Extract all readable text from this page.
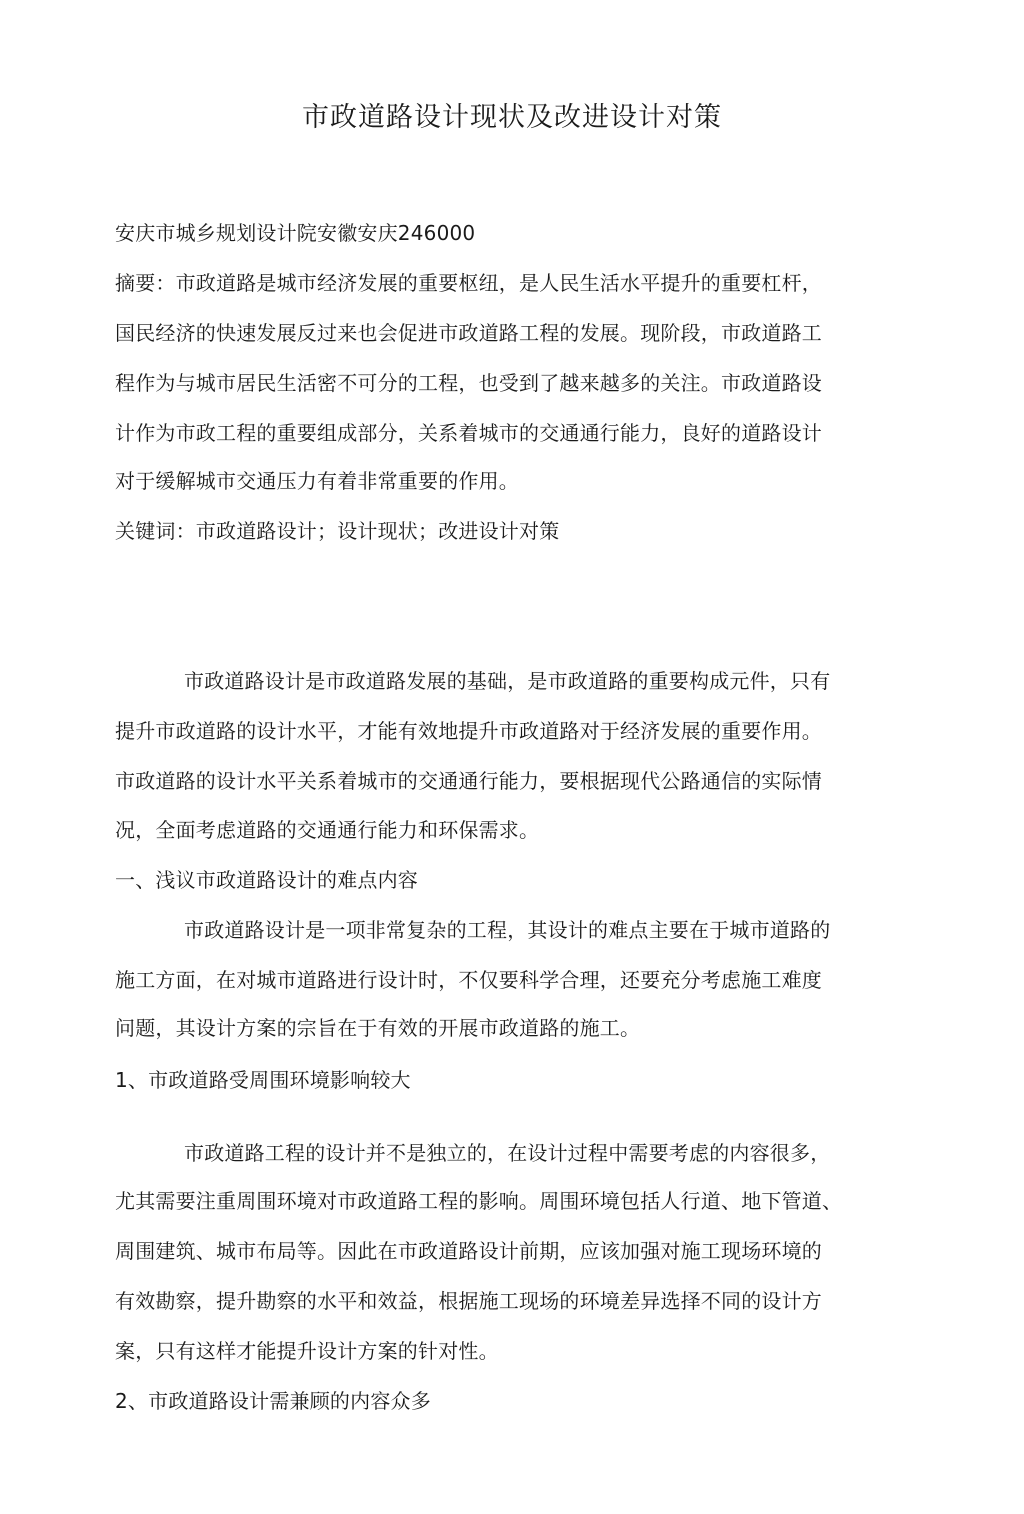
市政道路设计现状及改进设计对策
安庆市城乡规划设计院安徽安庆246000
摘要：市政道路是城市经济发展的重要枢纽，是人民生活水平提升的重要杠杆，
国民经济的快速发展反过来也会促进市政道路工程的发展。现阶段，市政道路工
程作为与城市居民生活密不可分的工程，也受到了越来越多的关注。市政道路设
计作为市政工程的重要组成部分，关系着城市的交通通行能力，良好的道路设计
对于缓解城市交通压力有着非常重要的作用。
关键词：市政道路设计；设计现状；改进设计对策
市政道路设计是市政道路发展的基础，是市政道路的重要构成元件，只有
提升市政道路的设计水平，才能有效地提升市政道路对于经济发展的重要作用。
市政道路的设计水平关系着城市的交通通行能力，要根据现代公路通信的实际情
况，全面考虑道路的交通通行能力和环保需求。
一、浅议市政道路设计的难点内容
市政道路设计是一项非常复杂的工程，其设计的难点主要在于城市道路的
施工方面，在对城市道路进行设计时，不仅要科学合理，还要充分考虑施工难度
问题，其设计方案的宗旨在于有效的开展市政道路的施工。
1、市政道路受周围环境影响较大
市政道路工程的设计并不是独立的，在设计过程中需要考虑的内容很多，
尤其需要注重周围环境对市政道路工程的影响。周围环境包括人行道、地下管道、
周围建筑、城市布局等。因此在市政道路设计前期，应该加强对施工现场环境的
有效勘察，提升勘察的水平和效益，根据施工现场的环境差异选择不同的设计方
案，只有这样才能提升设计方案的针对性。
2、市政道路设计需兼顾的内容众多
